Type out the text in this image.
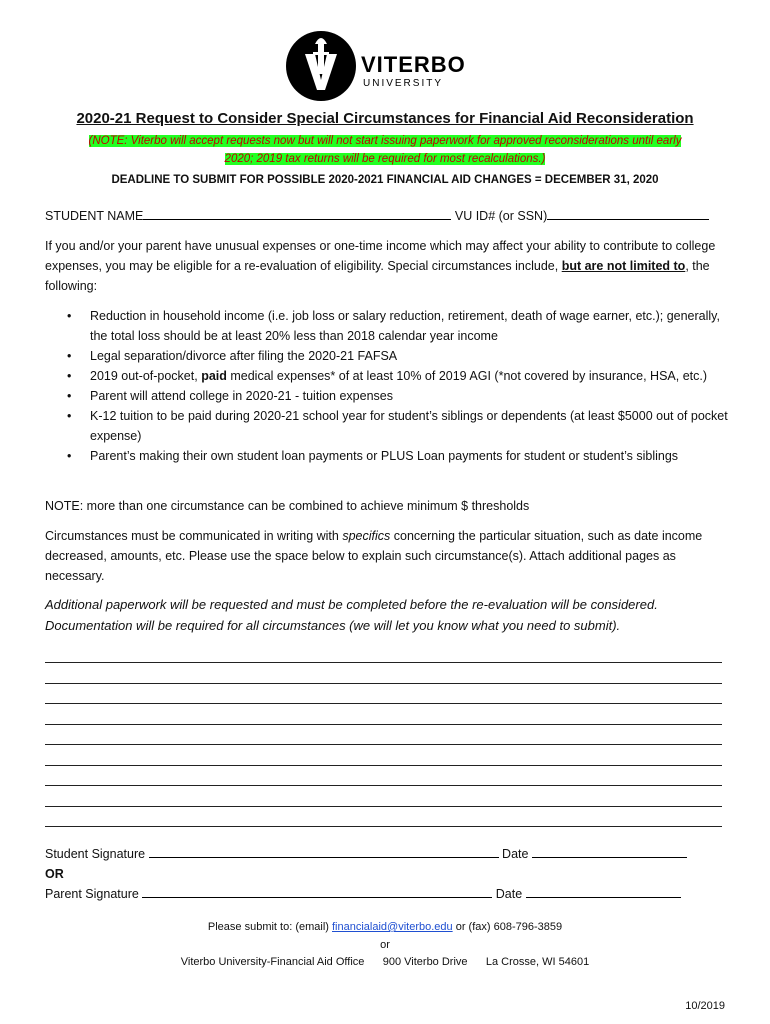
VITERBO
UNIVERSITY
2020-21 Request to Consider Special Circumstances for Financial Aid Reconsideration
(NOTE: Viterbo will accept requests now but will not start issuing paperwork for approved reconsiderations until early
2020; 2019 tax returns will be required for most recalculations.)
DEADLINE TO SUBMIT FOR POSSIBLE 2020-2021 FINANCIAL AID CHANGES = DECEMBER 31, 2020
STUDENT NAME	VU ID# (or SSN)
If you and/or your parent have unusual expenses or one-time income which may affect your ability to contribute to college expenses, you may be eligible for a re-evaluation of eligibility. Special circumstances include, but are not limited to, the following:
• Reduction in household income (i.e. job loss or salary reduction, retirement, death of wage earner, etc.); generally, the total loss should be at least 20% less than 2018 calendar year income
• Legal separation/divorce after filing the 2020-21 FAFSA
• 2019 out-of-pocket, paid medical expenses* of at least 10% of 2019 AGI (*not covered by insurance, HSA, etc.)
• Parent will attend college in 2020-21 - tuition expenses
• K-12 tuition to be paid during 2020-21 school year for student’s siblings or dependents (at least $5000 out of pocket expense)
• Parent’s making their own student loan payments or PLUS Loan payments for student or student’s siblings
NOTE: more than one circumstance can be combined to achieve minimum $ thresholds
Circumstances must be communicated in writing with specifics concerning the particular situation, such as date income decreased, amounts, etc. Please use the space below to explain such circumstance(s). Attach additional pages as necessary.
Additional paperwork will be requested and must be completed before the re-evaluation will be considered. Documentation will be required for all circumstances (we will let you know what you need to submit).
Student Signature	Date
OR
Parent Signature	Date
Please submit to: (email) financialaid@viterbo.edu or (fax) 608-796-3859
or
Viterbo University-Financial Aid Office 900 Viterbo Drive La Crosse, WI 54601
10/2019
